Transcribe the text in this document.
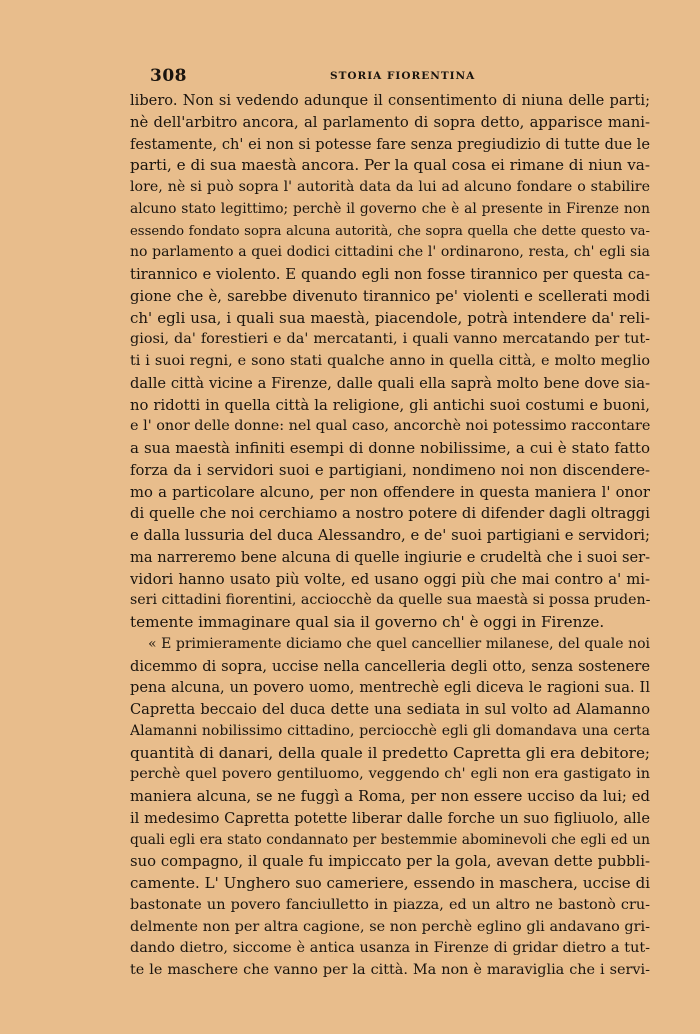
308	STORIA FIORENTINA
libero. Non si vedendo adunque il consentimento di niuna delle parti;
nè dell'arbitro ancora, al parlamento di sopra detto, apparisce mani-
festamente, ch' ei non si potesse fare senza pregiudizio di tutte due le
parti, e di sua maestà ancora. Per la qual cosa ei rimane di niun va-
lore, nè si può sopra l' autorità data da lui ad alcuno fondare o stabilire
alcuno stato legittimo; perchè il governo che è al presente in Firenze non
essendo fondato sopra alcuna autorità, che sopra quella che dette questo va-
no parlamento a quei dodici cittadini che l' ordinarono, resta, ch' egli sia
tirannico e violento. E quando egli non fosse tirannico per questa ca-
gione che è, sarebbe divenuto tirannico pe' violenti e scellerati modi
ch' egli usa, i quali sua maestà, piacendole, potrà intendere da' reli-
giosi, da' forestieri e da' mercatanti, i quali vanno mercatando per tut-
ti i suoi regni, e sono stati qualche anno in quella città, e molto meglio
dalle città vicine a Firenze, dalle quali ella saprà molto bene dove sia-
no ridotti in quella città la religione, gli antichi suoi costumi e buoni,
e l' onor delle donne: nel qual caso, ancorchè noi potessimo raccontare
a sua maestà infiniti esempi di donne nobilissime, a cui è stato fatto
forza da i servidori suoi e partigiani, nondimeno noi non discendere-
mo a particolare alcuno, per non offendere in questa maniera l' onor
di quelle che noi cerchiamo a nostro potere di difender dagli oltraggi
e dalla lussuria del duca Alessandro, e de' suoi partigiani e servidori;
ma narreremo bene alcuna di quelle ingiurie e crudeltà che i suoi ser-
vidori hanno usato più volte, ed usano oggi più che mai contro a' mi-
seri cittadini fiorentini, acciocchè da quelle sua maestà si possa pruden-
temente immaginare qual sia il governo ch' è oggi in Firenze.
« E primieramente diciamo che quel cancellier milanese, del quale noi
dicemmo di sopra, uccise nella cancelleria degli otto, senza sostenere
pena alcuna, un povero uomo, mentrechè egli diceva le ragioni sua. Il
Capretta beccaio del duca dette una sediata in sul volto ad Alamanno
Alamanni nobilissimo cittadino, perciocchè egli gli domandava una certa
quantità di danari, della quale il predetto Capretta gli era debitore;
perchè quel povero gentiluomo, veggendo ch' egli non era gastigato in
maniera alcuna, se ne fuggì a Roma, per non essere ucciso da lui; ed
il medesimo Capretta potette liberar dalle forche un suo figliuolo, alle
quali egli era stato condannato per bestemmie abominevoli che egli ed un
suo compagno, il quale fu impiccato per la gola, avevan dette pubbli-
camente. L' Unghero suo cameriere, essendo in maschera, uccise di
bastonate un povero fanciulletto in piazza, ed un altro ne bastonò cru-
delmente non per altra cagione, se non perchè eglino gli andavano gri-
dando dietro, siccome è antica usanza in Firenze di gridar dietro a tut-
te le maschere che vanno per la città. Ma non è maraviglia che i servi-
